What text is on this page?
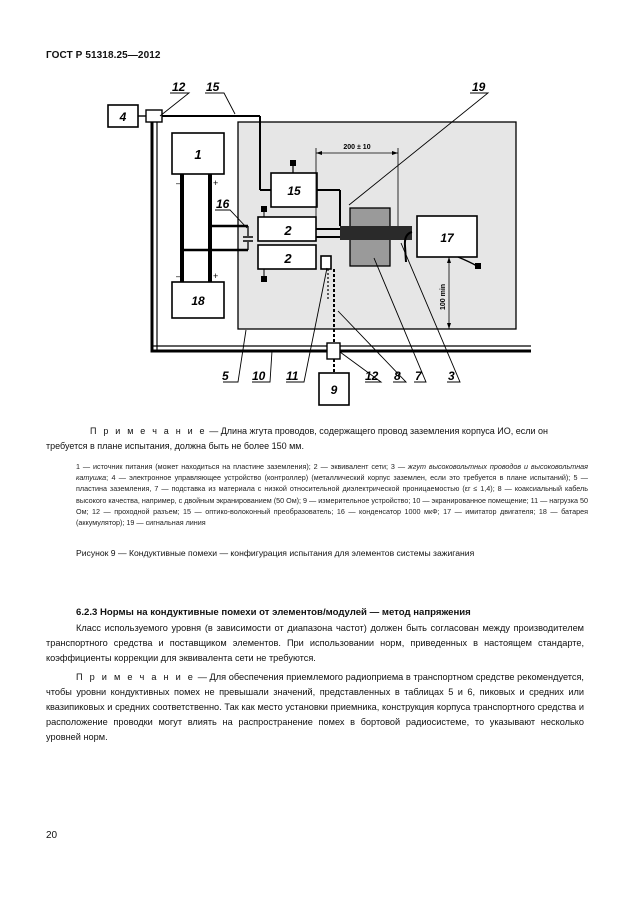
ГОСТ Р 51318.25—2012
4
15
1
–	+
18
–	+
2
2
17
200 ± 10
100 min
9
12 15	19
16
5 10 11	12 8 7 3
П р и м е ч а н и е — Длина жгута проводов, содержащего провод заземления корпуса ИО, если он требуется в плане испытания, должна быть не более 150 мм.
1 — источник питания (может находиться на пластине заземления); 2 — эквивалент сети; 3 — жгут высоковольтных проводов и высоковольтная катушка; 4 — электронное управляющее устройство (контроллер) (металлический корпус заземлен, если это требуется в плане испытаний); 5 — пластина заземления, 7 — подставка из материала с низкой относительной диэлектрической проницаемостью (εr ≤ 1,4); 8 — коаксиальный кабель высокого качества, например, с двойным экранированием (50 Ом); 9 — измерительное устройство; 10 — экранированное помещение; 11 — нагрузка 50 Ом; 12 — проходной разъем; 15 — оптико-волоконный преобразователь; 16 — конденсатор 1000 мкФ; 17 — имитатор двигателя; 18 — батарея (аккумулятор); 19 — сигнальная линия
Рисунок 9 — Кондуктивные помехи — конфигурация испытания для элементов системы зажигания
6.2.3 Нормы на кондуктивные помехи от элементов/модулей — метод напряжения
Класс используемого уровня (в зависимости от диапазона частот) должен быть согласован между производителем транспортного средства и поставщиком элементов. При использовании норм, приведенных в настоящем стандарте, коэффициенты коррекции для эквивалента сети не требуются.
П р и м е ч а н и е — Для обеспечения приемлемого радиоприема в транспортном средстве рекомендуется, чтобы уровни кондуктивных помех не превышали значений, представленных в таблицах 5 и 6, пиковых и средних или квазипиковых и средних соответственно. Так как место установки приемника, конструкция корпуса транспортного средства и расположение проводки могут влиять на распространение помех в бортовой радиосистеме, то указывают несколько уровней норм.
20
